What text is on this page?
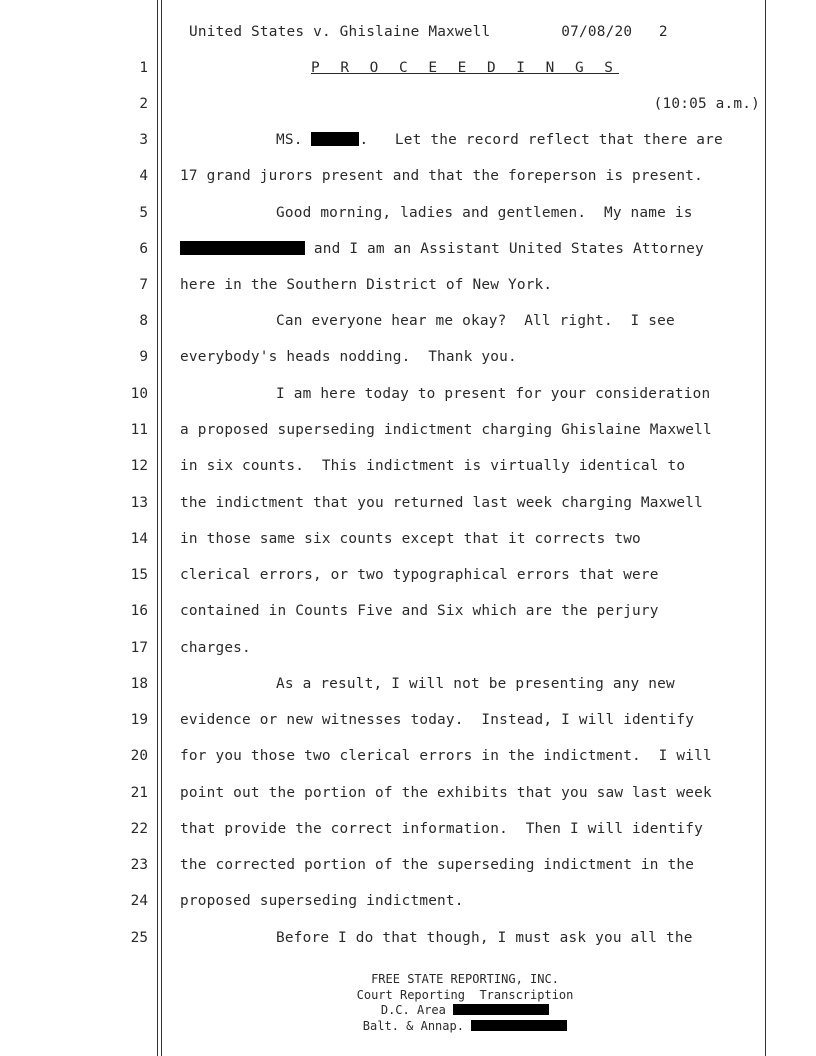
United States v. Ghislaine Maxwell	07/08/20 2
1
2
3
4
5
6
7
8
9
10
11
12
13
14
15
16
17
18
19
20
21
22
23
24
25
P R O C E E D I N G S
(10:05 a.m.)
MS.	.   Let the record reflect that there are
17 grand jurors present and that the foreperson is present.
Good morning, ladies and gentlemen.  My name is
and I am an Assistant United States Attorney
here in the Southern District of New York.
Can everyone hear me okay?  All right.  I see
everybody's heads nodding.  Thank you.
I am here today to present for your consideration
a proposed superseding indictment charging Ghislaine Maxwell
in six counts.  This indictment is virtually identical to
the indictment that you returned last week charging Maxwell
in those same six counts except that it corrects two
clerical errors, or two typographical errors that were
contained in Counts Five and Six which are the perjury
charges.
As a result, I will not be presenting any new
evidence or new witnesses today.  Instead, I will identify
for you those two clerical errors in the indictment.  I will
point out the portion of the exhibits that you saw last week
that provide the correct information.  Then I will identify
the corrected portion of the superseding indictment in the
proposed superseding indictment.
Before I do that though, I must ask you all the
FREE STATE REPORTING, INC.
Court Reporting  Transcription
D.C. Area
Balt. & Annap.
